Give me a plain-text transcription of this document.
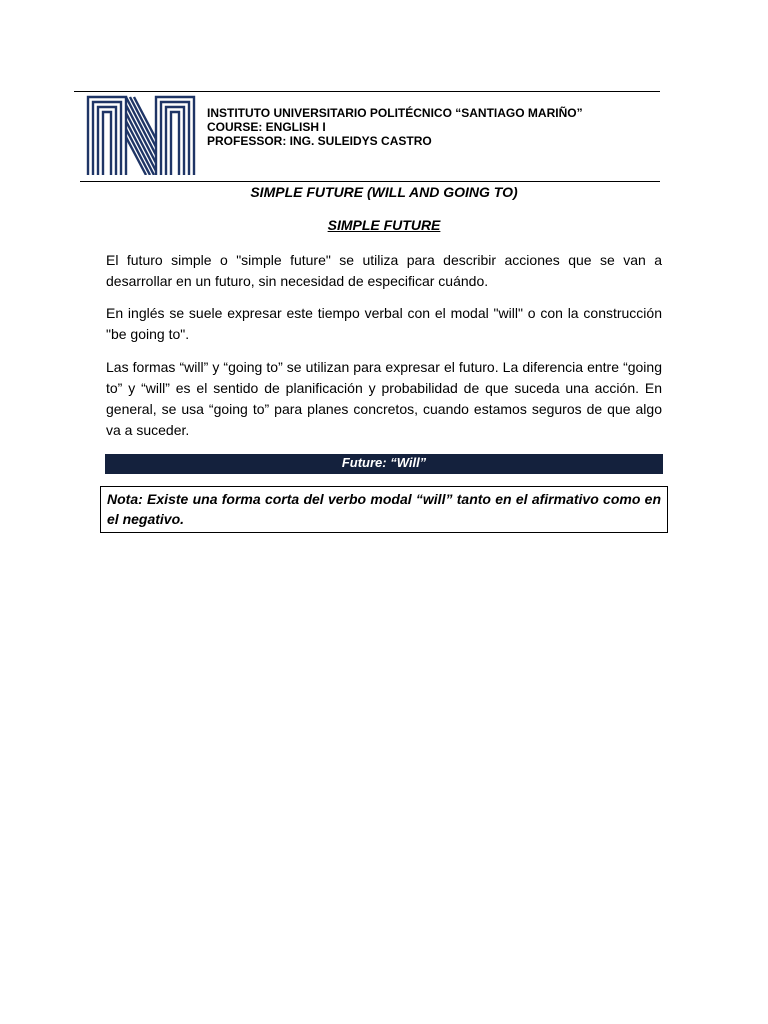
INSTITUTO UNIVERSITARIO POLITÉCNICO “SANTIAGO MARIÑO”
COURSE: ENGLISH I
PROFESSOR: ING. SULEIDYS CASTRO
SIMPLE FUTURE (WILL AND GOING TO)
SIMPLE FUTURE
El futuro simple o "simple future" se utiliza para describir acciones que se van a desarrollar en un futuro, sin necesidad de especificar cuándo.
En inglés se suele expresar este tiempo verbal con el modal "will" o con la construcción "be going to".
Las formas “will” y “going to” se utilizan para expresar el futuro. La diferencia entre “going to” y “will” es el sentido de planificación y probabilidad de que suceda una acción. En general, se usa “going to” para planes concretos, cuando estamos seguros de que algo va a suceder.
Future: “Will”
Nota: Existe una forma corta del verbo modal “will” tanto en el afirmativo como en el negativo.
